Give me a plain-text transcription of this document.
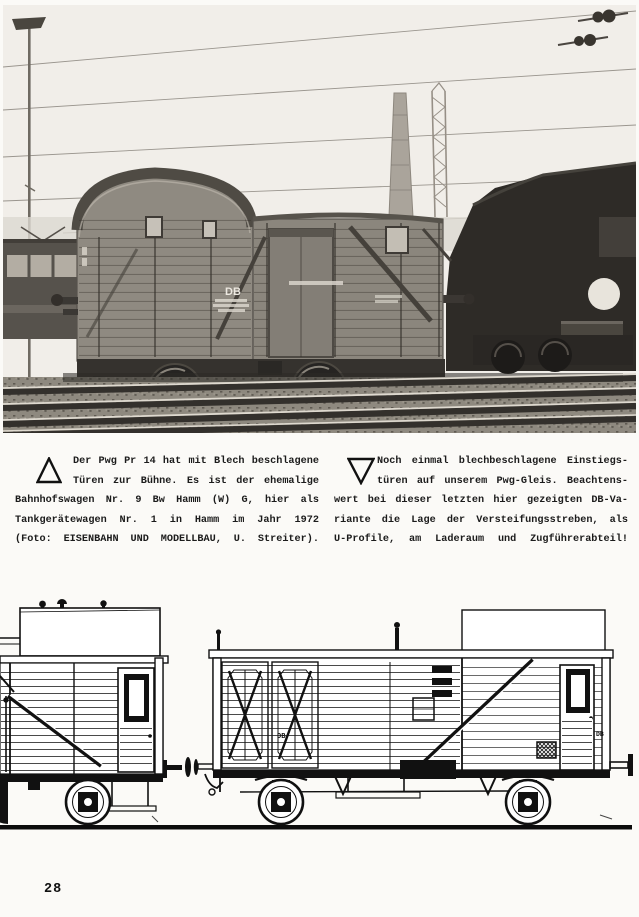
DB
Der Pwg Pr 14 hat mit Blech beschlagene
Türen zur Bühne. Es ist der ehemalige
Bahnhofswagen Nr. 9 Bw Hamm (W) G, hier als
Tankgerätewagen Nr. 1 in Hamm im Jahr 1972
(Foto: EISENBAHN UND MODELLBAU, U. Streiter).
Noch einmal blechbeschlagene Einstiegs-
türen auf unserem Pwg-Gleis. Beachtens-
wert bei dieser letzten hier gezeigten DB-Va-
riante die Lage der Versteifungsstreben, als
U-Profile, am Laderaum und Zugführerabteil!
DB	DB
28
